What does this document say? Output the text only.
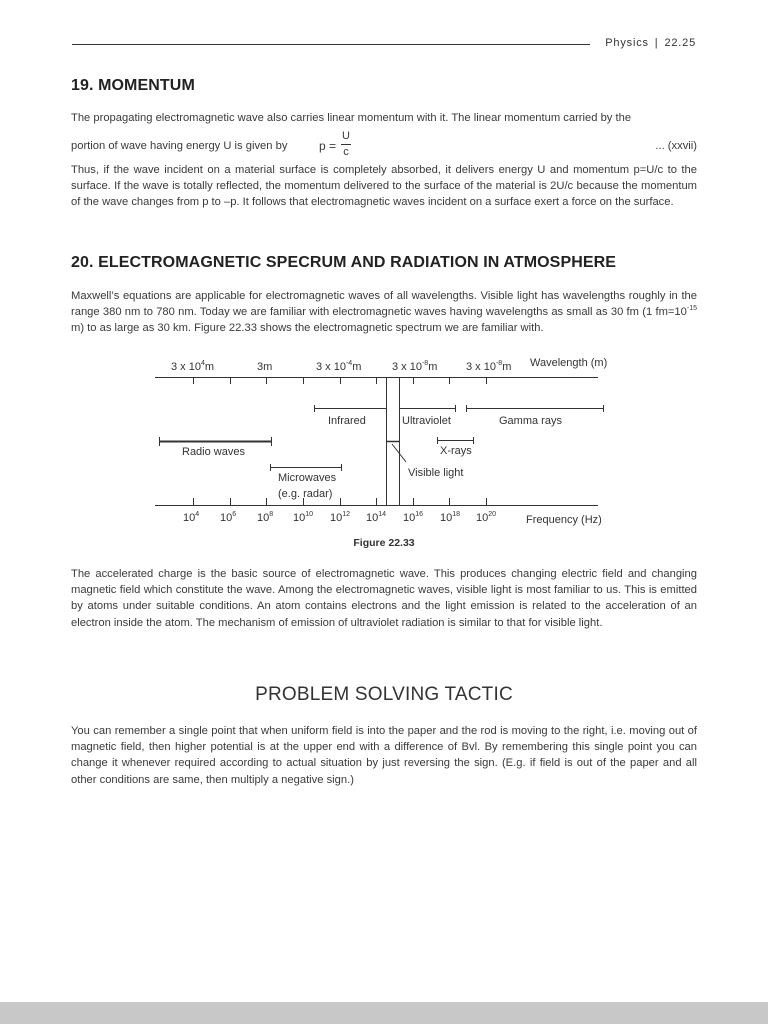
Physics | 22.25
19. MOMENTUM

The propagating electromagnetic wave also carries linear momentum with it. The linear momentum carried by the

portion of wave having energy U is given by	p =
U
c	... (xxvii)

Thus, if the wave incident on a material surface is completely absorbed, it delivers energy U and momentum p=U/c to the surface. If the wave is totally reflected, the momentum delivered to the surface of the material is 2U/c because the momentum of the wave changes from p to –p. It follows that electromagnetic waves incident on a surface exert a force on the surface.

20. ELECTROMAGNETIC SPECRUM AND RADIATION IN ATMOSPHERE

Maxwell’s equations are applicable for electromagnetic waves of all wavelengths. Visible light has wavelengths roughly in the range 380 nm to 780 nm. Today we are familiar with electromagnetic waves having wavelengths as small as 30 fm (1 $fm=10^{-15}$ m) to as large as 30 km. Figure 22.33 shows the electromagnetic spectrum we are familiar with.

3 x $10^4m$	3m	3 x $10^{-4}m$	3 x $10^{-8}m$	3 x $10^{-8}m$ Wavelength (m)
$10^4$ $10^6$ $10^8$ $10^{10}$ $10^{12}$ $10^{14}$ $10^{16}$ $10^{18}$ $10^{20}$	Frequency (Hz)
Infrared	Ultraviolet	Gamma rays
Radio waves
Visible light
X-rays
Microwaves
(e.g. radar)
Figure 22.33

The accelerated charge is the basic source of electromagnetic wave. This produces changing electric field and changing magnetic field which constitute the wave. Among the electromagnetic waves, visible light is most familiar to us. This is emitted by atoms under suitable conditions. An atom contains electrons and the light emission is related to the acceleration of an electron inside the atom. The mechanism of emission of ultraviolet radiation is similar to that for visible light.

PROBLEM SOLVING TACTIC

You can remember a single point that when uniform field is into the paper and the rod is moving to the right, i.e. moving out of magnetic field, then higher potential is at the upper end with a difference of Bvl. By remembering this single point you can change it whenever required according to actual situation by just reversing the sign. (E.g. if field is out of the paper and all other conditions are same, then multiply a negative sign.)
